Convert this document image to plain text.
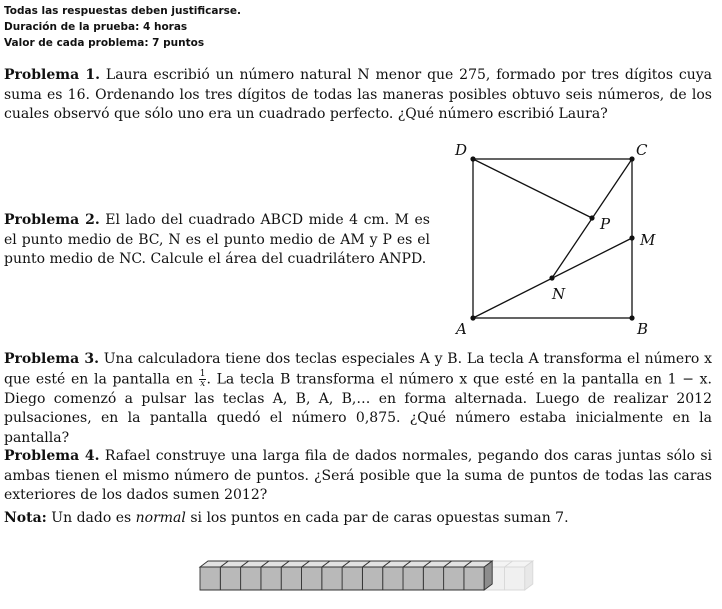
Todas las respuestas deben justificarse.
Duración de la prueba: 4 horas
Valor de cada problema: 7 puntos
Problema 1. Laura escribió un número natural N menor que 275, formado por tres dígitos cuya suma es 16. Ordenando los tres dígitos de todas las maneras posibles obtuvo seis números, de los cuales observó que sólo uno era un cuadrado perfecto. ¿Qué número escribió Laura?
Problema 2. El lado del cuadrado ABCD mide 4 cm. M es el punto medio de BC, N es el punto medio de AM y P es el punto medio de NC. Calcule el área del cuadrilátero ANPD.
A	B
C
D
M
N
P
Problema 3. Una calculadora tiene dos teclas especiales A y B. La tecla A transforma el número x que esté en la pantalla en $\frac{1}{x}$ . La tecla B transforma el número x que esté en la pantalla en 1 − x. Diego comenzó a pulsar las teclas A, B, A, B,… en forma alternada. Luego de realizar 2012 pulsaciones, en la pantalla quedó el número 0,875. ¿Qué número estaba inicialmente en la pantalla?
Problema 4. Rafael construye una larga fila de dados normales, pegando dos caras juntas sólo si ambas tienen el mismo número de puntos. ¿Será posible que la suma de puntos de todas las caras exteriores de los dados sumen 2012?
Nota: Un dado es normal si los puntos en cada par de caras opuestas suman 7.
